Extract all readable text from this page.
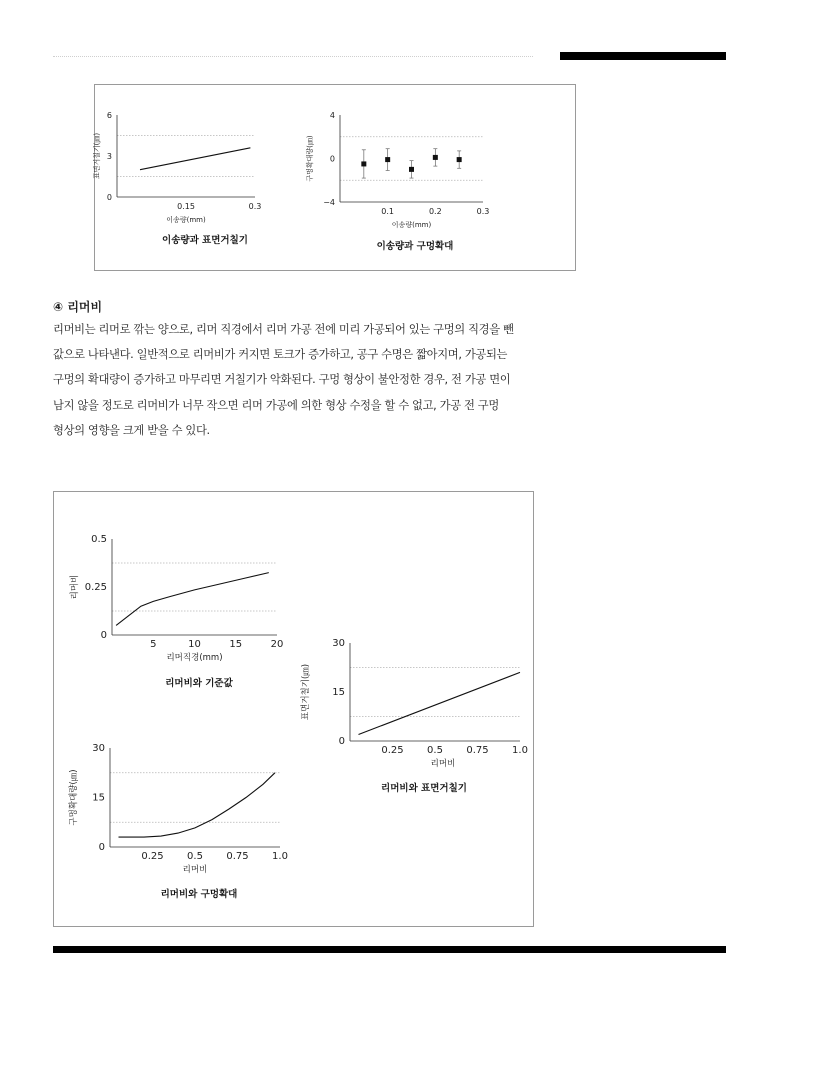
6
3
0
0.15	0.3
이송량(mm)
표면거칠기(㎛)
이송량과 표면거칠기
4
0
−4
0.1	0.2	0.3
이송량(mm)
구멍확대량(㎛)
이송량과 구멍확대
④ 리머비
리머비는 리머로 깎는 양으로, 리머 직경에서 리머 가공 전에 미리 가공되어 있는 구멍의 직경을 뺀
값으로 나타낸다. 일반적으로 리머비가 커지면 토크가 증가하고, 공구 수명은 짧아지며, 가공되는
구멍의 확대량이 증가하고 마무리면 거칠기가 악화된다. 구멍 형상이 불안정한 경우, 전 가공 면이
남지 않을 정도로 리머비가 너무 작으면 리머 가공에 의한 형상 수정을 할 수 없고, 가공 전 구멍
형상의 영향을 크게 받을 수 있다.
0.5
0.25
0
5	10	15	20
리머직경(mm)
리머비
리머비와 기준값
30
15
0
0.25 0.5 0.75 1.0
리머비
표면거칠기(㎛)
리머비와 표면거칠기
30
15
0
0.25 0.5 0.75 1.0
리머비
구멍확대량(㎛)
리머비와 구멍확대
